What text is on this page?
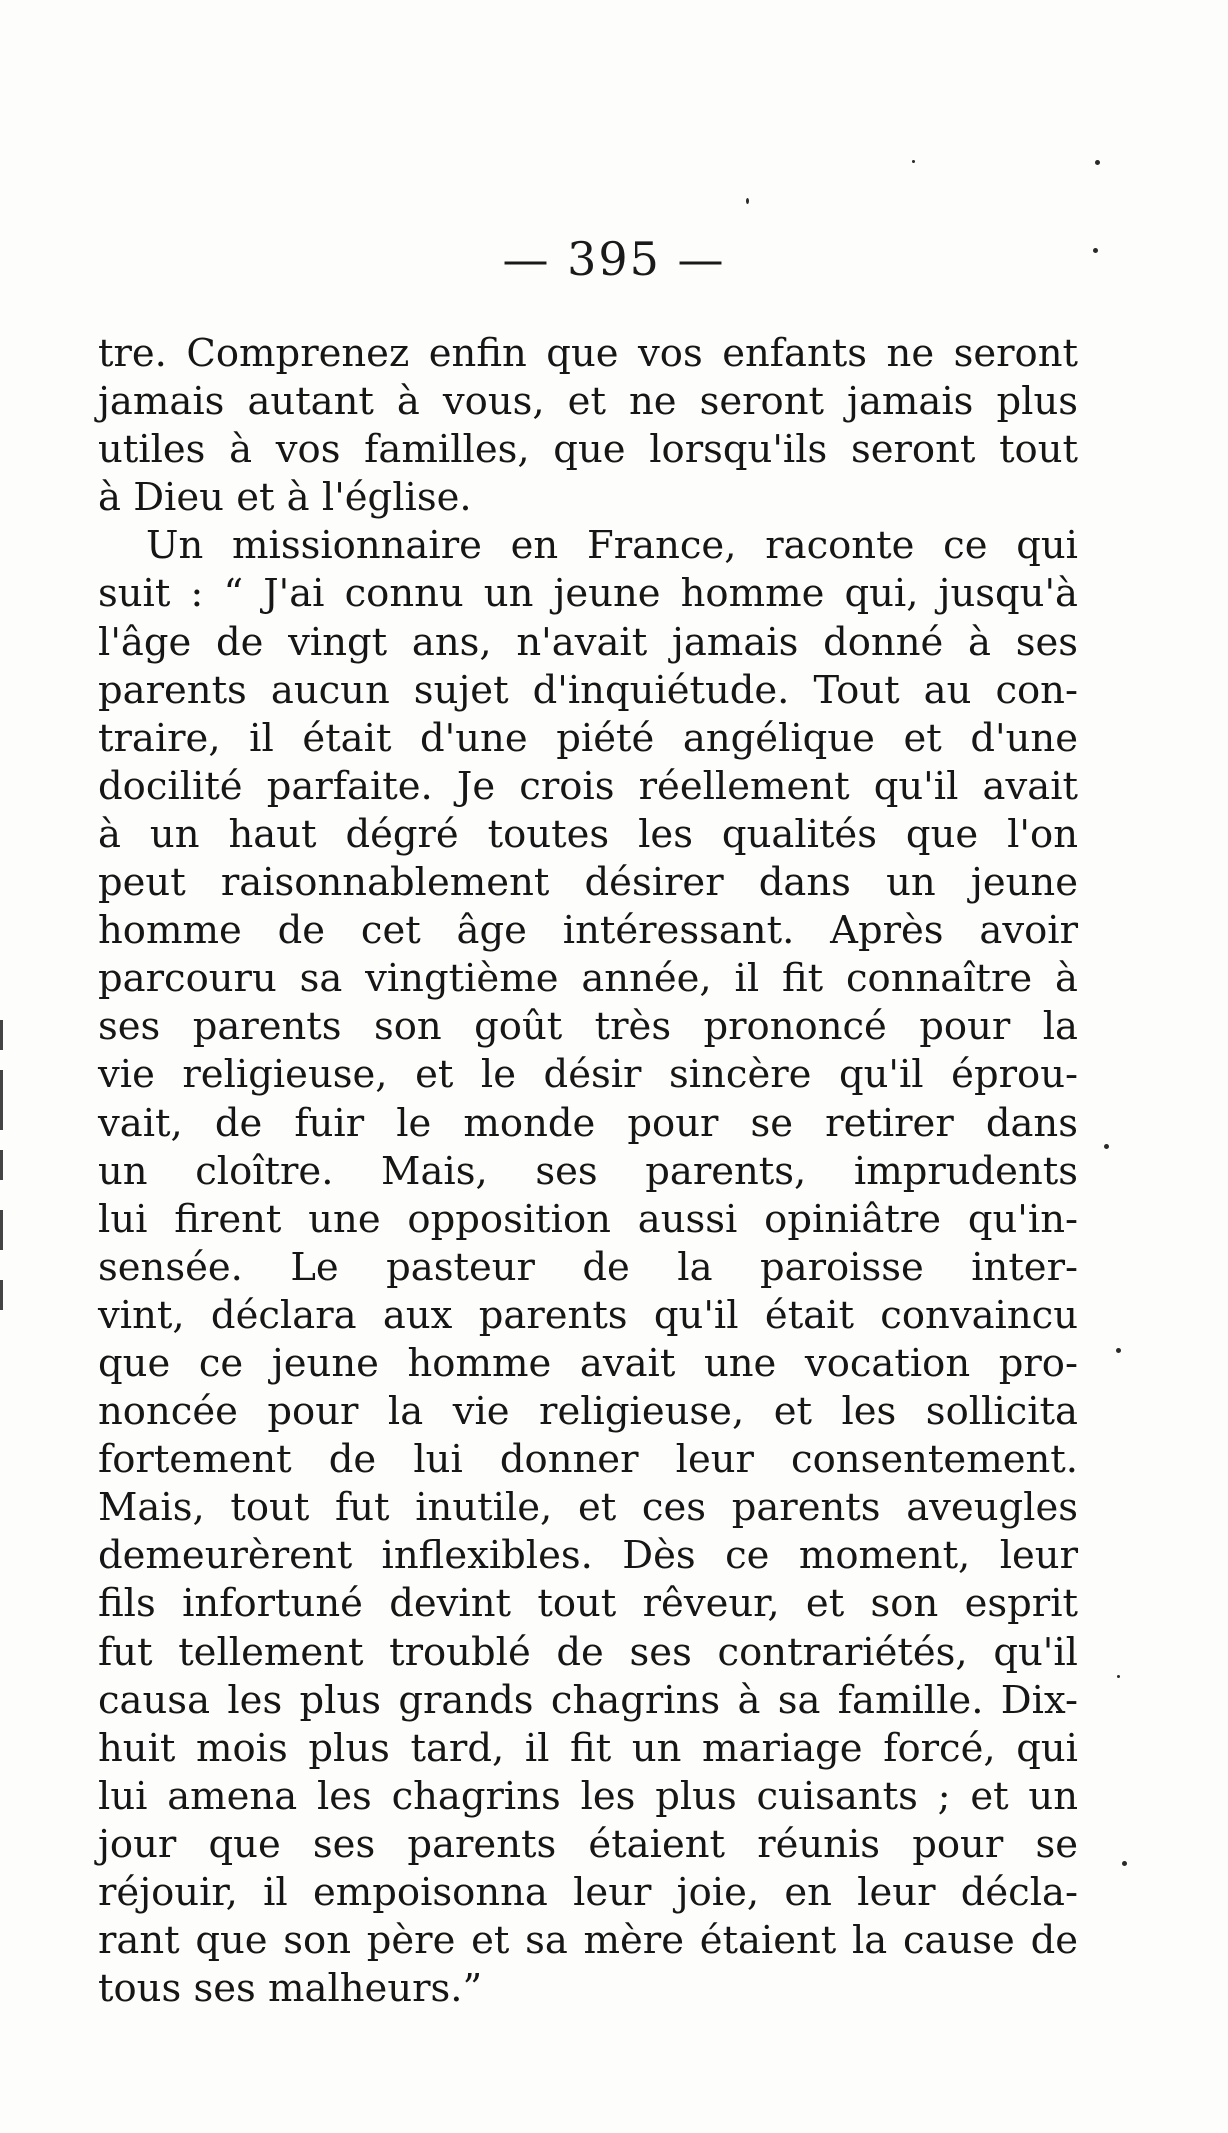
— 395 —
tre. Comprenez enfin que vos enfants ne seront
jamais autant à vous, et ne seront jamais plus
utiles à vos familles, que lorsqu'ils seront tout
à Dieu et à l'église.
Un missionnaire en France, raconte ce qui
suit : “ J'ai connu un jeune homme qui, jusqu'à
l'âge de vingt ans, n'avait jamais donné à ses
parents aucun sujet d'inquiétude. Tout au con-
traire, il était d'une piété angélique et d'une
docilité parfaite. Je crois réellement qu'il avait
à un haut dégré toutes les qualités que l'on
peut raisonnablement désirer dans un jeune
homme de cet âge intéressant. Après avoir
parcouru sa vingtième année, il fit connaître à
ses parents son goût très prononcé pour la
vie religieuse, et le désir sincère qu'il éprou-
vait, de fuir le monde pour se retirer dans
un cloître. Mais, ses parents, imprudents
lui firent une opposition aussi opiniâtre qu'in-
sensée. Le pasteur de la paroisse inter-
vint, déclara aux parents qu'il était convaincu
que ce jeune homme avait une vocation pro-
noncée pour la vie religieuse, et les sollicita
fortement de lui donner leur consentement.
Mais, tout fut inutile, et ces parents aveugles
demeurèrent inflexibles. Dès ce moment, leur
fils infortuné devint tout rêveur, et son esprit
fut tellement troublé de ses contrariétés, qu'il
causa les plus grands chagrins à sa famille. Dix-
huit mois plus tard, il fit un mariage forcé, qui
lui amena les chagrins les plus cuisants ; et un
jour que ses parents étaient réunis pour se
réjouir, il empoisonna leur joie, en leur décla-
rant que son père et sa mère étaient la cause de
tous ses malheurs.”
